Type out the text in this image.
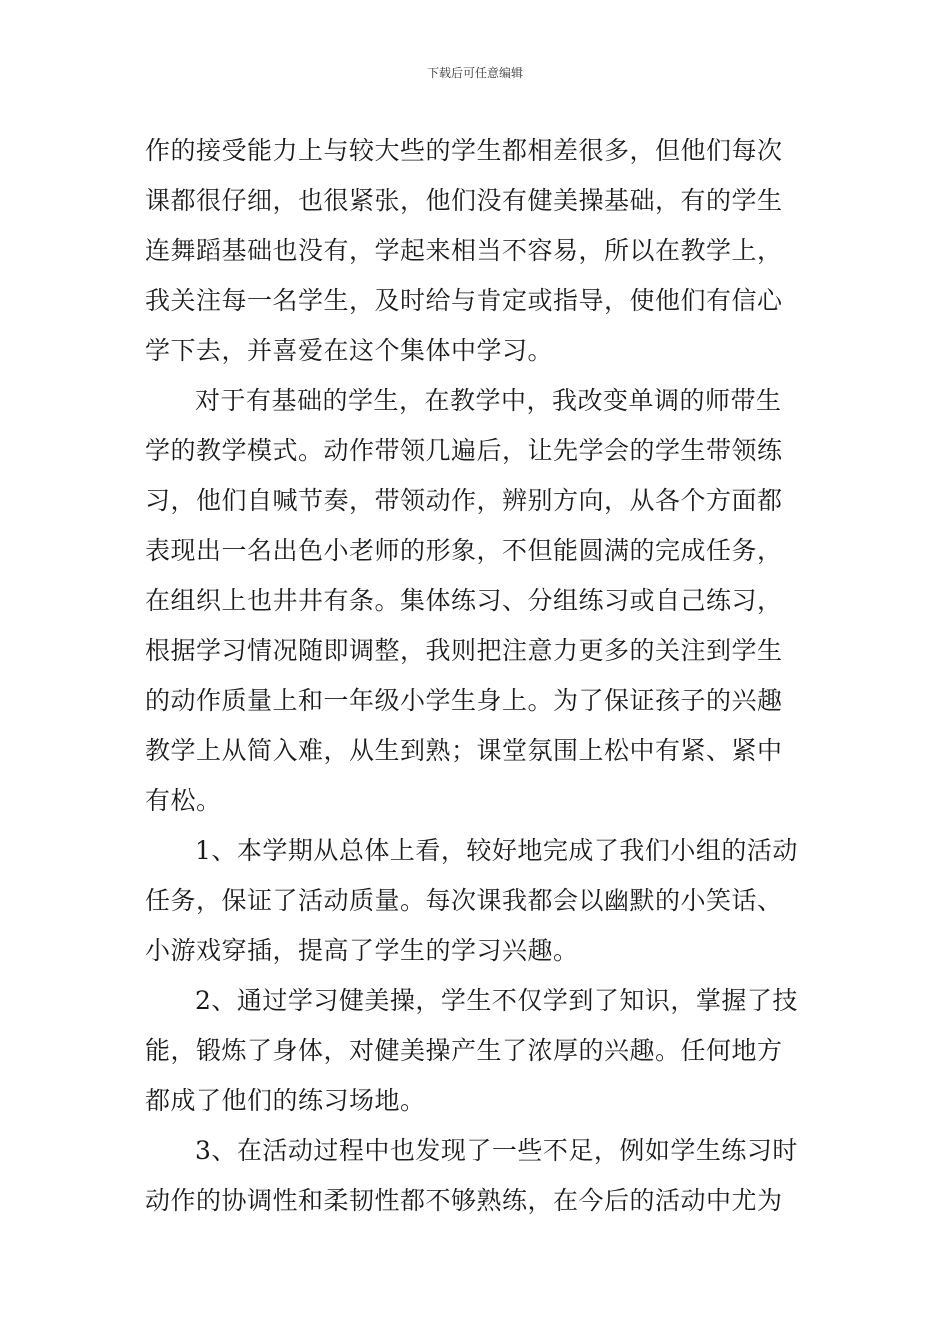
下载后可任意编辑
作的接受能力上与较大些的学生都相差很多，但他们每次
课都很仔细，也很紧张，他们没有健美操基础，有的学生
连舞蹈基础也没有，学起来相当不容易，所以在教学上，
我关注每一名学生，及时给与肯定或指导，使他们有信心
学下去，并喜爱在这个集体中学习。
对于有基础的学生，在教学中，我改变单调的师带生
学的教学模式。动作带领几遍后，让先学会的学生带领练
习，他们自喊节奏，带领动作，辨别方向，从各个方面都
表现出一名出色小老师的形象，不但能圆满的完成任务，
在组织上也井井有条。集体练习、分组练习或自己练习，
根据学习情况随即调整，我则把注意力更多的关注到学生
的动作质量上和一年级小学生身上。为了保证孩子的兴趣
教学上从简入难，从生到熟；课堂氛围上松中有紧、紧中
有松。
1、本学期从总体上看，较好地完成了我们小组的活动
任务，保证了活动质量。每次课我都会以幽默的小笑话、
小游戏穿插，提高了学生的学习兴趣。
2、通过学习健美操，学生不仅学到了知识，掌握了技
能，锻炼了身体，对健美操产生了浓厚的兴趣。任何地方
都成了他们的练习场地。
3、在活动过程中也发现了一些不足，例如学生练习时
动作的协调性和柔韧性都不够熟练，在今后的活动中尤为
